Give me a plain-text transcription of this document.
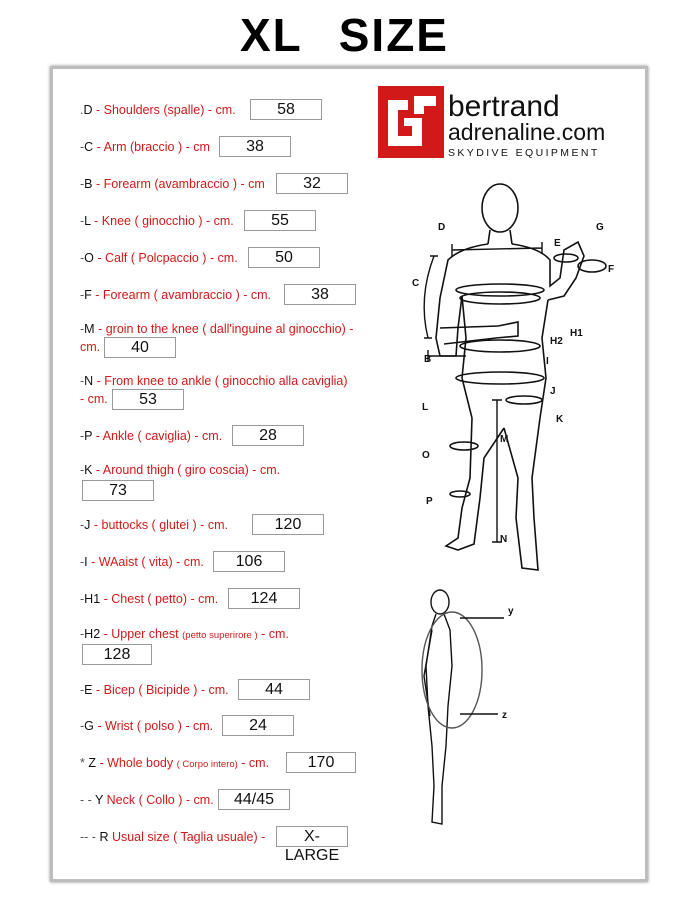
XL SIZE
bertrand
adrenaline.com
SKYDIVE EQUIPMENT
.D - Shoulders (spalle) - cm.	58
-C - Arm (braccio ) - cm	38
-B - Forearm (avambraccio ) - cm	32
-L - Knee ( ginocchio ) - cm.	55
-O - Calf ( Polcpaccio ) - cm.	50
-F - Forearm ( avambraccio ) - cm.	38
-M - groin to the knee ( dall'inguine al ginocchio) -
cm.	40
-N - From knee to ankle ( ginocchio alla caviglia)
- cm.	53
-P - Ankle ( caviglia) - cm.	28
-K - Around thigh ( giro coscia) - cm.
73
-J - buttocks ( glutei ) - cm.	120
-I - WAaist ( vita) - cm.	106
-H1 - Chest ( petto) - cm.	124
-H2 - Upper chest (petto superirore ) - cm.
128
-E - Bicep ( Bicipide ) - cm.	44
-G - Wrist ( polso ) - cm.	24
* Z - Whole body ( Corpo intero) - cm.	170
- - Y Neck ( Collo ) - cm.	44/45
-- - R Usual size ( Taglia usuale) -	X-LARGE
D
E
G
F
C
H1
H2
B	I
J
L
K
M
O
P
N
y
z
